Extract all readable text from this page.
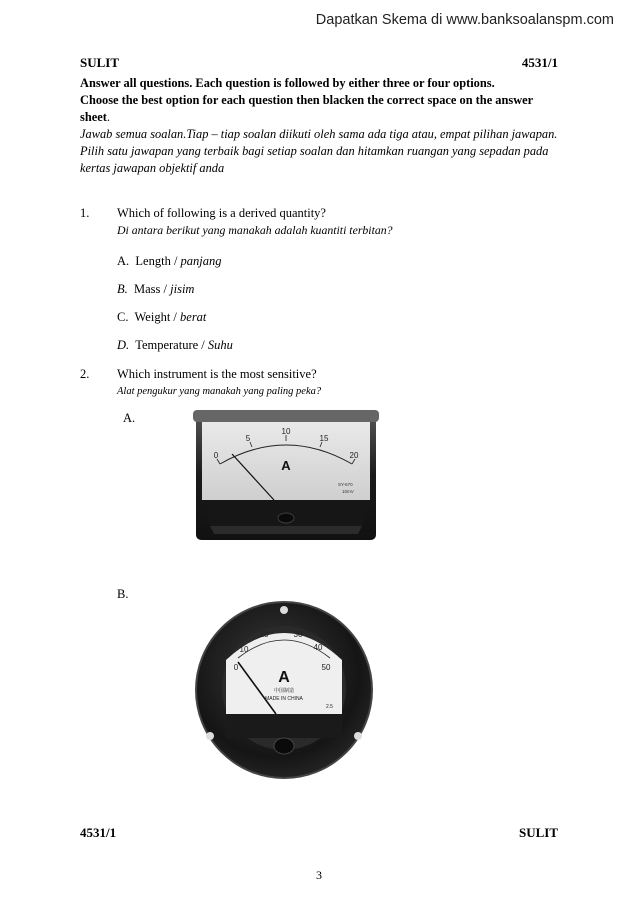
Dapatkan Skema di www.banksoalanspm.com
SULIT	4531/1
Answer all questions. Each question is followed by either three or four options.
Choose the best option for each question then blacken the correct space on the answer
sheet.
Jawab semua soalan.Tiap – tiap soalan diikuti oleh sama ada tiga atau, empat pilihan jawapan. Pilih satu jawapan yang terbaik bagi setiap soalan dan hitamkan ruangan yang sepadan pada kertas jawapan objektif anda
1. Which of following is a derived quantity?
Di antara berikut yang manakah adalah kuantiti terbitan?
A. Length / panjang
B. Mass / jisim
C. Weight / berat
D. Temperature / Suhu
2. Which instrument is the most sensitive?
Alat pengukur yang manakah yang paling peka?
A.
0
5
10
15
20
A
SY-670
10mV
B.
0
10
20	30
40
50
A
中国制造
MADE IN CHINA
2.5
4531/1	SULIT
3
